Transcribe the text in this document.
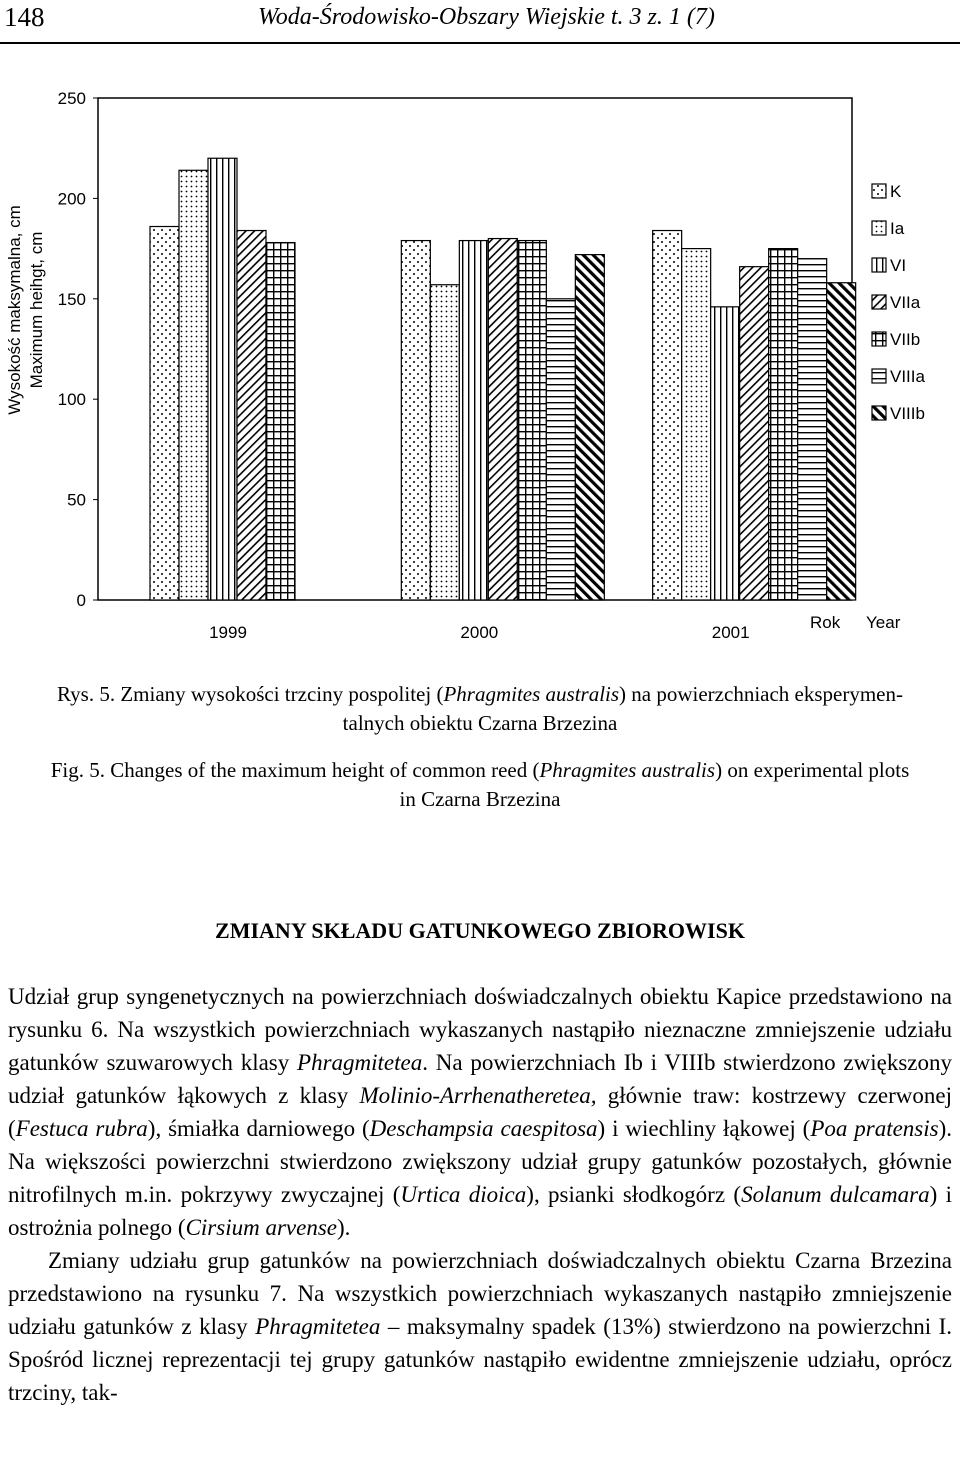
148	Woda-Środowisko-Obszary Wiejskie t. 3 z. 1 (7)
0
50
100
150
200
250
1999	2000	2001
K
Ia
VI
VIIa
VIIb
VIIIa
VIIIb
Wysokość maksymalna, cm Maximum heihgt, cm
Rok Year
Rys. 5. Zmiany wysokości trzciny pospolitej (Phragmites australis) na powierzchniach eksperymen-
talnych obiektu Czarna Brzezina
Fig. 5. Changes of the maximum height of common reed (Phragmites australis) on experimental plots
in Czarna Brzezina
ZMIANY SKŁADU GATUNKOWEGO ZBIOROWISK

Udział grup syngenetycznych na powierzchniach doświadczalnych obiektu Kapice przedstawiono na rysunku 6. Na wszystkich powierzchniach wykaszanych nastąpiło nieznaczne zmniejszenie udziału gatunków szuwarowych klasy Phragmitetea. Na powierzchniach Ib i VIIIb stwierdzono zwiększony udział gatunków łąkowych z klasy Molinio-Arrhenatheretea, głównie traw: kostrzewy czerwonej (Festuca rubra), śmiałka darniowego (Deschampsia caespitosa) i wiechliny łąkowej (Poa pratensis). Na większości powierzchni stwierdzono zwiększony udział grupy gatunków pozostałych, głównie nitrofilnych m.in. pokrzywy zwyczajnej (Urtica dioica), psianki słodkogórz (Solanum dulcamara) i ostrożnia polnego (Cirsium arvense).

Zmiany udziału grup gatunków na powierzchniach doświadczalnych obiektu Czarna Brzezina przedstawiono na rysunku 7. Na wszystkich powierzchniach wykaszanych nastąpiło zmniejszenie udziału gatunków z klasy Phragmitetea – maksymalny spadek (13%) stwierdzono na powierzchni I. Spośród licznej reprezentacji tej grupy gatunków nastąpiło ewidentne zmniejszenie udziału, oprócz trzciny, tak-
